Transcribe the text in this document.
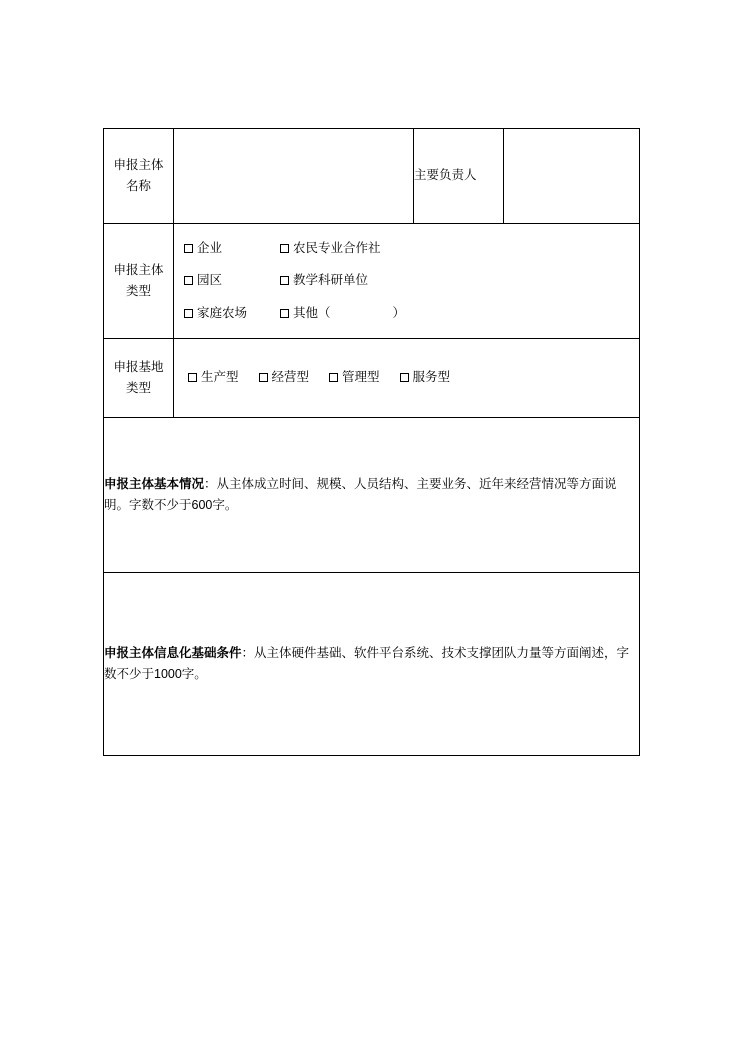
申报主体
名称		主要负责人	

申报主体
类型

企业	农民专业合作社
园区	教学科研单位
家庭农场	其他（	）

申报基地
类型

生产型	经营型	管理型	服务型

申报主体基本情况：从主体成立时间、规模、人员结构、主要业务、近年来经营情况等方面说明。字数不少于600字。			

申报主体信息化基础条件：从主体硬件基础、软件平台系统、技术支撑团队力量等方面阐述，字数不少于1000字。			
